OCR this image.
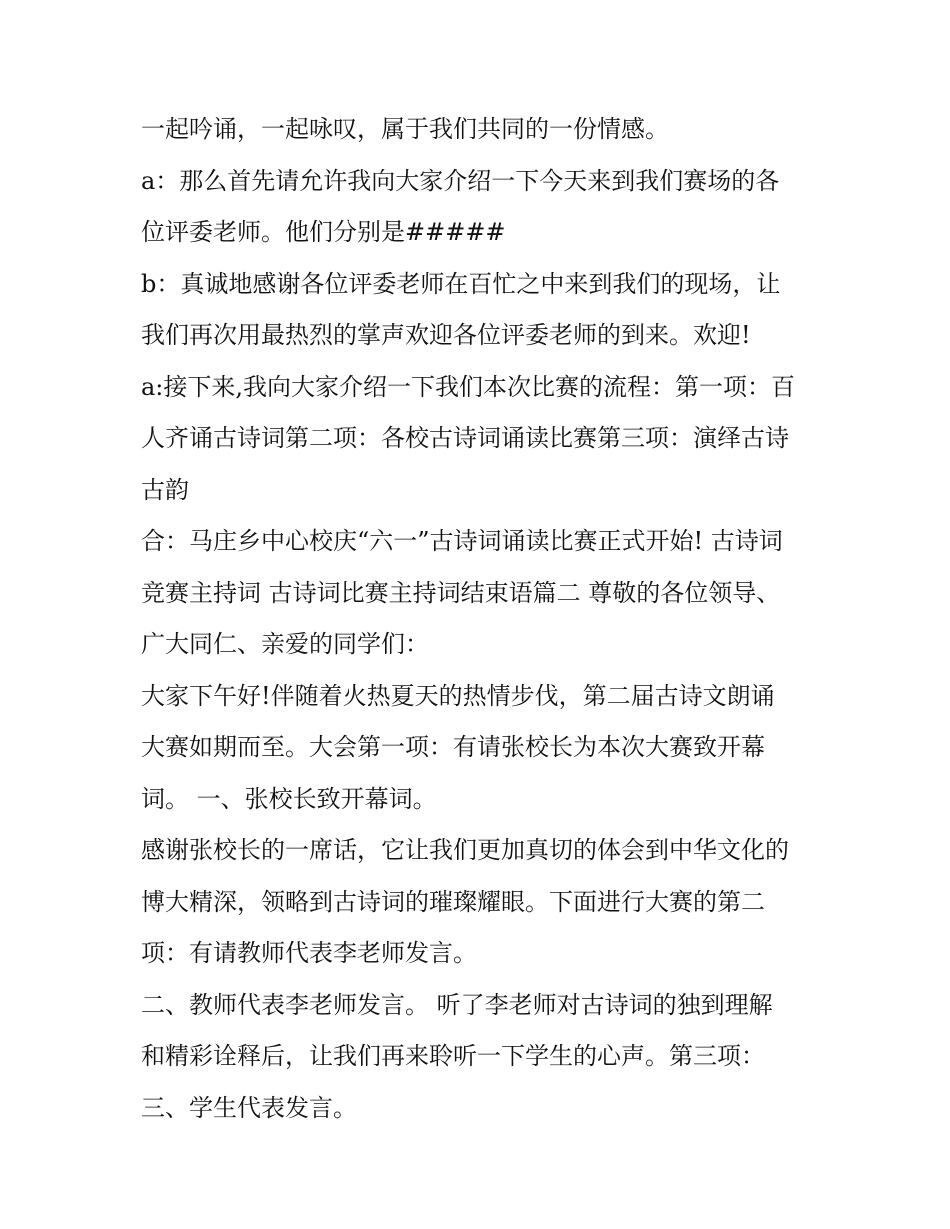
一起吟诵，一起咏叹，属于我们共同的一份情感。
a：那么首先请允许我向大家介绍一下今天来到我们赛场的各
位评委老师。他们分别是#####
b：真诚地感谢各位评委老师在百忙之中来到我们的现场，让
我们再次用最热烈的掌声欢迎各位评委老师的到来。欢迎!
a:接下来,我向大家介绍一下我们本次比赛的流程：第一项：百
人齐诵古诗词第二项：各校古诗词诵读比赛第三项：演绎古诗
古韵
合：马庄乡中心校庆“六一”古诗词诵读比赛正式开始! 古诗词
竞赛主持词 古诗词比赛主持词结束语篇二 尊敬的各位领导、
广大同仁、亲爱的同学们：
大家下午好!伴随着火热夏天的热情步伐，第二届古诗文朗诵
大赛如期而至。大会第一项：有请张校长为本次大赛致开幕
词。 一、张校长致开幕词。
感谢张校长的一席话，它让我们更加真切的体会到中华文化的
博大精深，领略到古诗词的璀璨耀眼。下面进行大赛的第二
项：有请教师代表李老师发言。
二、教师代表李老师发言。 听了李老师对古诗词的独到理解
和精彩诠释后，让我们再来聆听一下学生的心声。第三项：
三、学生代表发言。
